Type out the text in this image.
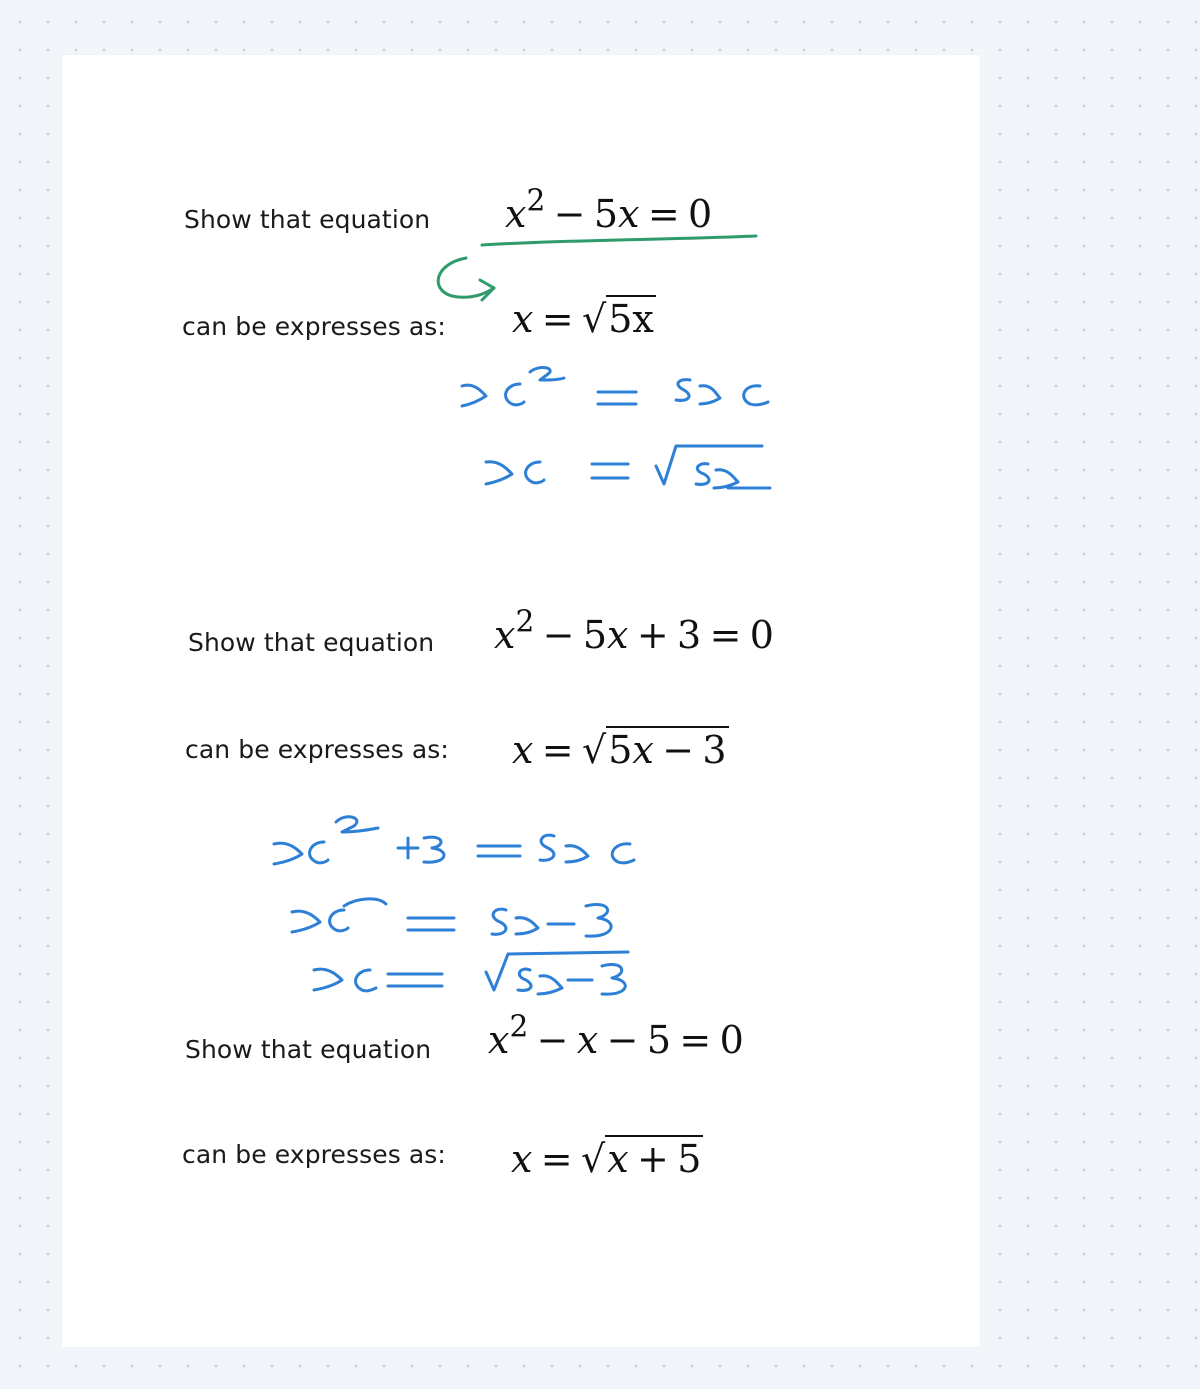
Show that equation $x^2 - 5x = 0$
can be expresses as: x = √5x
Show that equation $x^2 - 5x + 3 = 0$
can be expresses as: x = √5x − 3
Show that equation $x^2 - x - 5 = 0$
can be expresses as: x = √x + 5
